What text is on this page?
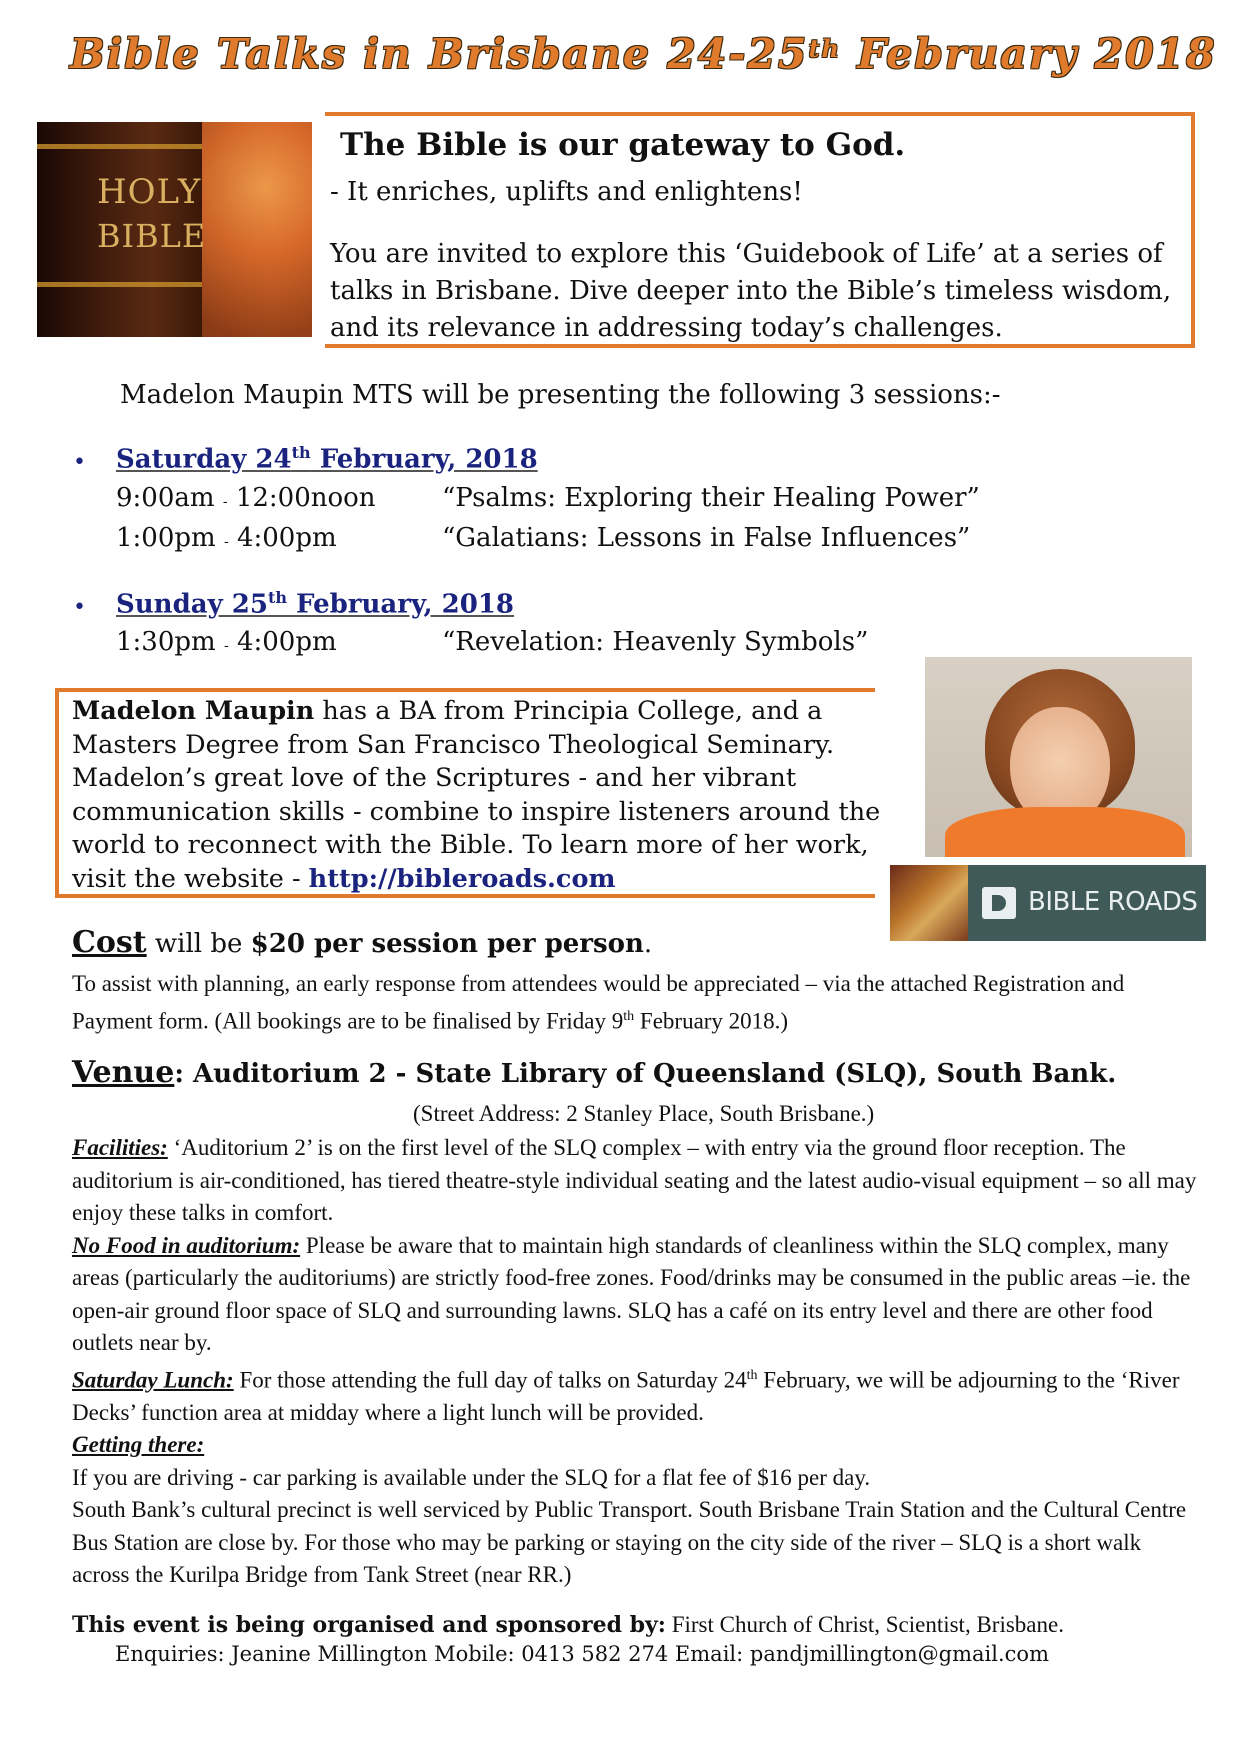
Bible Talks in Brisbane 24-25th February 2018
HOLY
BIBLE
The Bible is our gateway to God.
- It enriches, uplifts and enlightens!
You are invited to explore this ‘Guidebook of Life’ at a series of talks in Brisbane. Dive deeper into the Bible’s timeless wisdom, and its relevance in addressing today’s challenges.
Madelon Maupin MTS will be presenting the following 3 sessions:-
• Saturday 24th February, 2018
9:00am - 12:00noon	“Psalms: Exploring their Healing Power”
1:00pm - 4:00pm	“Galatians: Lessons in False Influences”
• Sunday 25th February, 2018
1:30pm - 4:00pm	“Revelation: Heavenly Symbols”
Madelon Maupin has a BA from Principia College, and a Masters Degree from San Francisco Theological Seminary. Madelon’s great love of the Scriptures - and her vibrant communication skills - combine to inspire listeners around the world to reconnect with the Bible. To learn more of her work, visit the website - http://bibleroads.com
BIBLE ROADS
Cost will be $20 per session per person.
To assist with planning, an early response from attendees would be appreciated – via the attached Registration and Payment form. (All bookings are to be finalised by Friday 9th February 2018.)
Venue: Auditorium 2 - State Library of Queensland (SLQ), South Bank.
(Street Address: 2 Stanley Place, South Brisbane.)
Facilities: ‘Auditorium 2’ is on the first level of the SLQ complex – with entry via the ground floor reception. The auditorium is air-conditioned, has tiered theatre-style individual seating and the latest audio-visual equipment – so all may enjoy these talks in comfort.
No Food in auditorium: Please be aware that to maintain high standards of cleanliness within the SLQ complex, many areas (particularly the auditoriums) are strictly food-free zones. Food/drinks may be consumed in the public areas –ie. the open-air ground floor space of SLQ and surrounding lawns. SLQ has a café on its entry level and there are other food outlets near by.
Saturday Lunch: For those attending the full day of talks on Saturday 24th February, we will be adjourning to the ‘River Decks’ function area at midday where a light lunch will be provided.
Getting there:
If you are driving - car parking is available under the SLQ for a flat fee of $16 per day.
South Bank’s cultural precinct is well serviced by Public Transport. South Brisbane Train Station and the Cultural Centre Bus Station are close by. For those who may be parking or staying on the city side of the river – SLQ is a short walk across the Kurilpa Bridge from Tank Street (near RR.)
This event is being organised and sponsored by: First Church of Christ, Scientist, Brisbane.
Enquiries: Jeanine Millington Mobile: 0413 582 274 Email: pandjmillington@gmail.com
